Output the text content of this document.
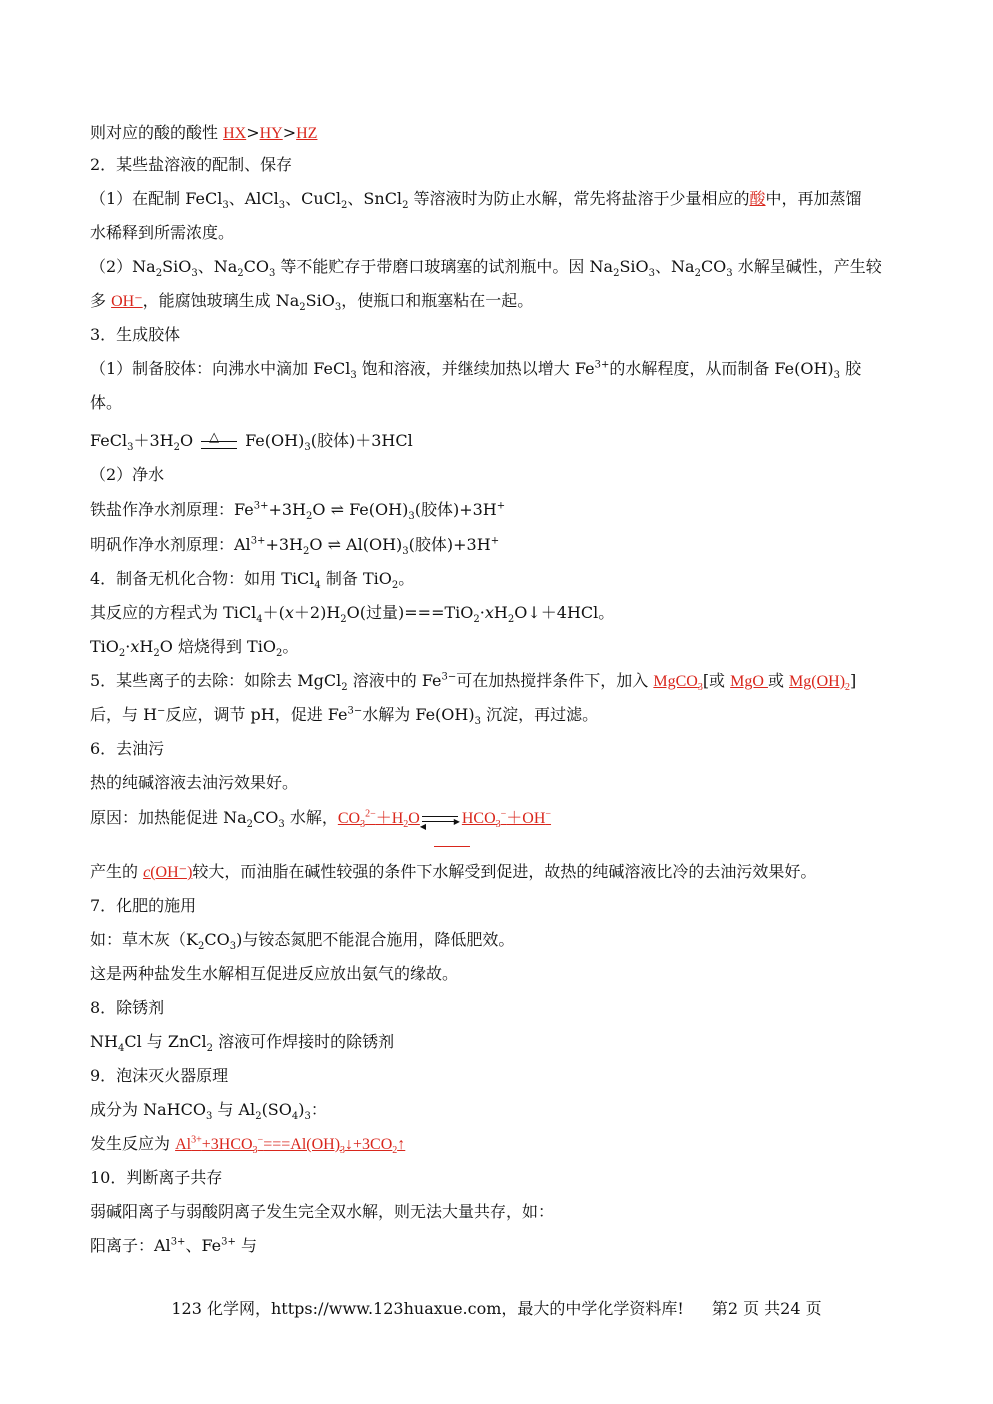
则对应的酸的酸性 HX>HY>HZ
2．某些盐溶液的配制、保存
（1）在配制 FeCl$_3$、AlCl$_3$、CuCl$_2$、SnCl$_2$ 等溶液时为防止水解，常先将盐溶于少量相应的酸中，再加蒸馏
水稀释到所需浓度。
$(2)Na_2SiO_3$、$Na_2CO_3$ 等不能贮存于带磨口玻璃塞的试剂瓶中。因 $Na_2SiO_3$、$Na_2CO_3$ 水解呈碱性，产生较
多 OH⁻，能腐蚀玻璃生成 $Na_2SiO_3$，使瓶口和瓶塞粘在一起。
3．生成胶体
（1）制备胶体：向沸水中滴加 FeCl$_3$ 饱和溶液，并继续加热以增大 $Fe^{3+}$的水解程度，从而制备 $Fe(OH)_3$ 胶
体。
$FeCl_3+3H_2O$ △ $Fe(OH)_3$(胶体)＋3HCl
（2）净水
铁盐作净水剂原理：$Fe^{3+}+3H_2O$ ⇌ $Fe(OH)_3$(胶体)+3H+
明矾作净水剂原理：$Al^{3+}+3H_2O$ ⇌ $Al(OH)_3$(胶体)+3H+
4．制备无机化合物：如用 TiCl$_4$ 制备 TiO$_2$。
其反应的方程式为 $TiCl_4+(x+2)H_2O$(过量)$===TiO_2\cdot xH_2O↓+4HCl$。
$TiO_2\cdot xH_2O$ 焙烧得到 TiO$_2$。
5．某些离子的去除：如除去 MgCl$_2$ 溶液中的 $Fe^{3-}$可在加热搅拌条件下，加入 MgCO$_3$[或 MgO 或 $Mg(OH)_2$]
后，与 H−反应，调节 pH，促进 $Fe^{3-}$水解为 $Fe(OH)_3$ 沉淀，再过滤。
6．去油污
热的纯碱溶液去油污效果好。
原因：加热能促进 $Na_2CO_3$ 水解，$CO_3^{2-}+H_2O$	▶
◀ $HCO_3^-+OH^-$
产生的 c(OH⁻)较大，而油脂在碱性较强的条件下水解受到促进，故热的纯碱溶液比冷的去油污效果好。
7．化肥的施用
如：草木灰$(K_2CO_3)$与铵态氮肥不能混合施用，降低肥效。
这是两种盐发生水解相互促进反应放出氨气的缘故。
8．除锈剂
$NH_4Cl$ 与 ZnCl$_2$ 溶液可作焊接时的除锈剂
9．泡沫灭火器原理
成分为 NaHCO$_3$ 与 $Al_2(SO_4)_3$：
发生反应为 $Al^{3+}+3HCO_3^-===Al(OH)_3↓+3CO_2↑$
10．判断离子共存
弱碱阳离子与弱酸阴离子发生完全双水解，则无法大量共存，如：
阳离子：$Al^{3+}$、$Fe^{3+}$ 与
123 化学网，https://www.123huaxue.com，最大的中学化学资料库! 第2 页 共24 页
